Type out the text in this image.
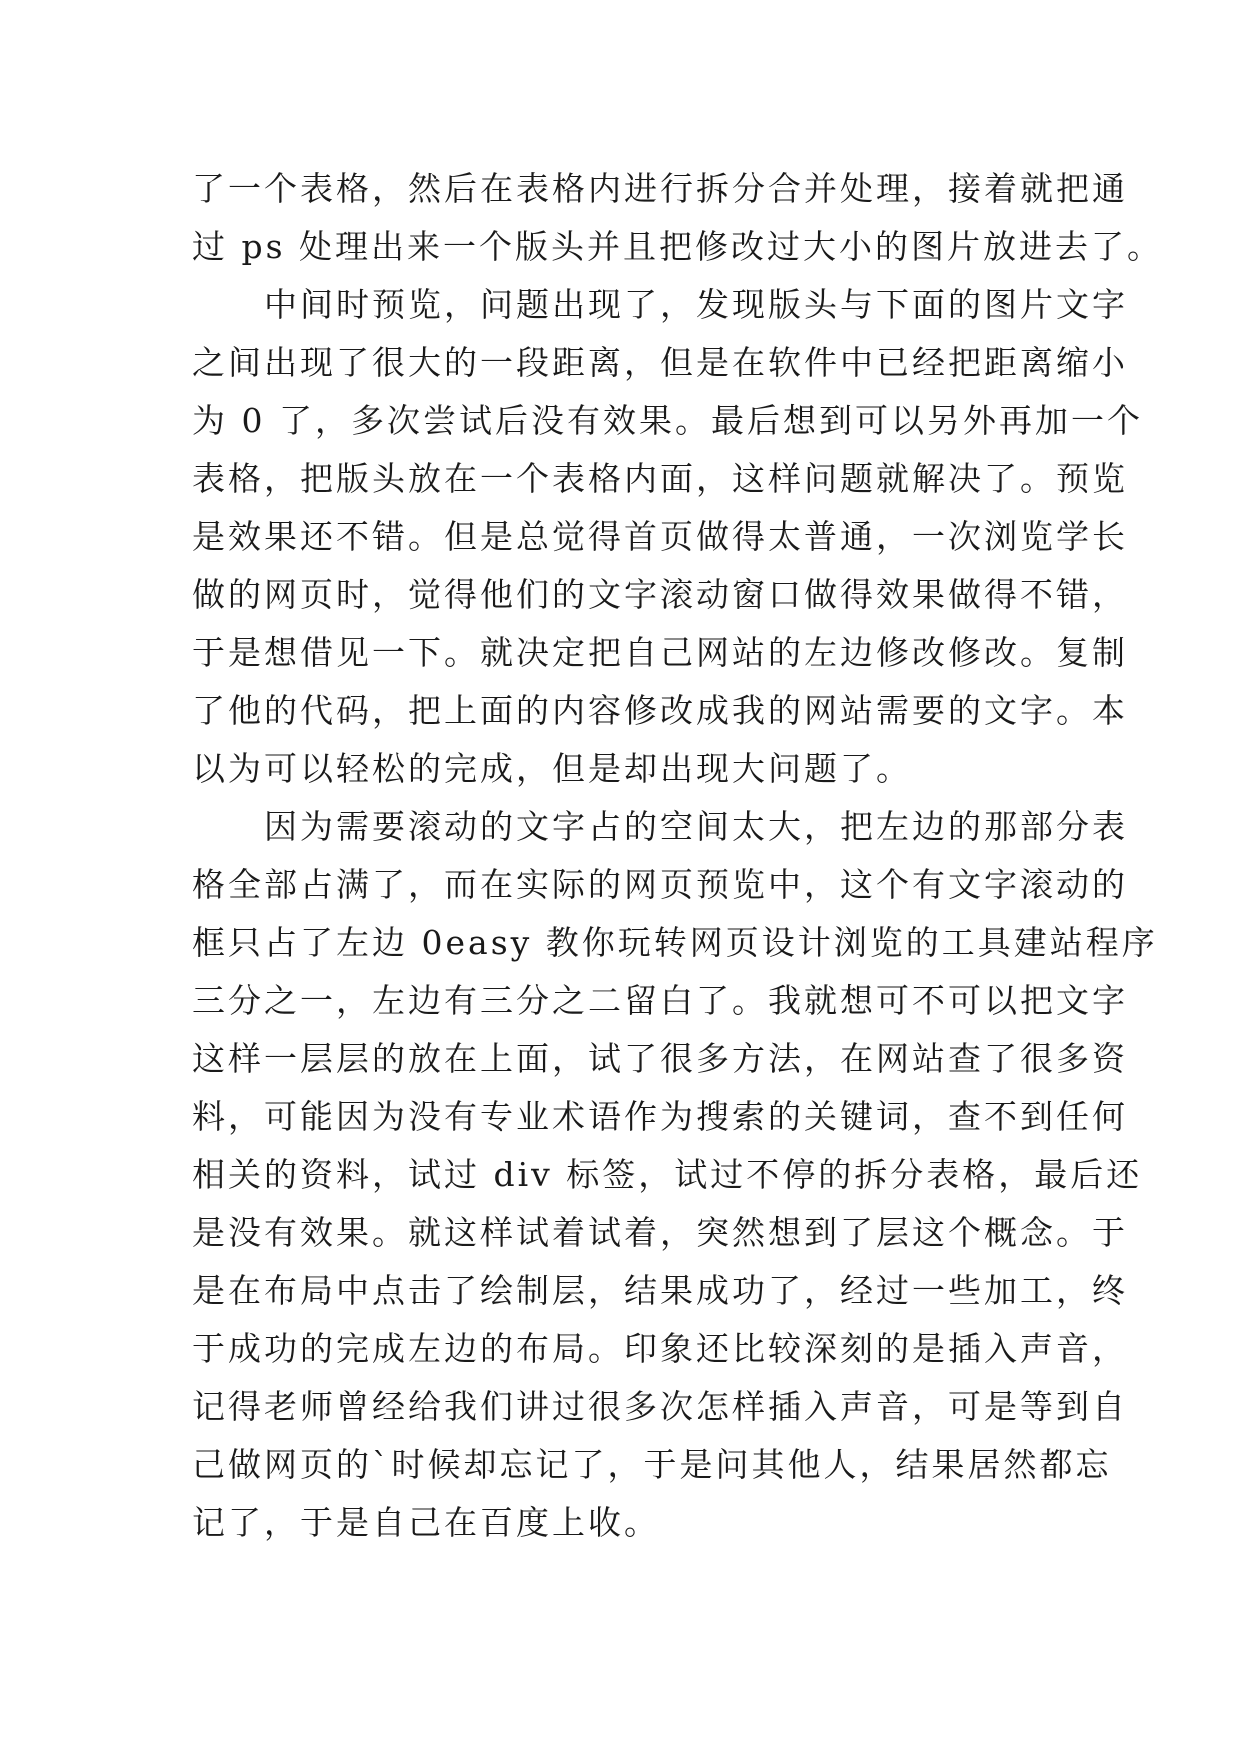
了一个表格，然后在表格内进行拆分合并处理，接着就把通
过 ps 处理出来一个版头并且把修改过大小的图片放进去了。
中间时预览，问题出现了，发现版头与下面的图片文字
之间出现了很大的一段距离，但是在软件中已经把距离缩小
为 0 了，多次尝试后没有效果。最后想到可以另外再加一个
表格，把版头放在一个表格内面，这样问题就解决了。预览
是效果还不错。但是总觉得首页做得太普通，一次浏览学长
做的网页时，觉得他们的文字滚动窗口做得效果做得不错，
于是想借见一下。就决定把自己网站的左边修改修改。复制
了他的代码，把上面的内容修改成我的网站需要的文字。本
以为可以轻松的完成，但是却出现大问题了。
因为需要滚动的文字占的空间太大，把左边的那部分表
格全部占满了，而在实际的网页预览中，这个有文字滚动的
框只占了左边 0easy 教你玩转网页设计浏览的工具建站程序
三分之一，左边有三分之二留白了。我就想可不可以把文字
这样一层层的放在上面，试了很多方法，在网站查了很多资
料，可能因为没有专业术语作为搜索的关键词，查不到任何
相关的资料，试过 div 标签，试过不停的拆分表格，最后还
是没有效果。就这样试着试着，突然想到了层这个概念。于
是在布局中点击了绘制层，结果成功了，经过一些加工，终
于成功的完成左边的布局。印象还比较深刻的是插入声音，
记得老师曾经给我们讲过很多次怎样插入声音，可是等到自
己做网页的`时候却忘记了，于是问其他人，结果居然都忘
记了，于是自己在百度上收。
